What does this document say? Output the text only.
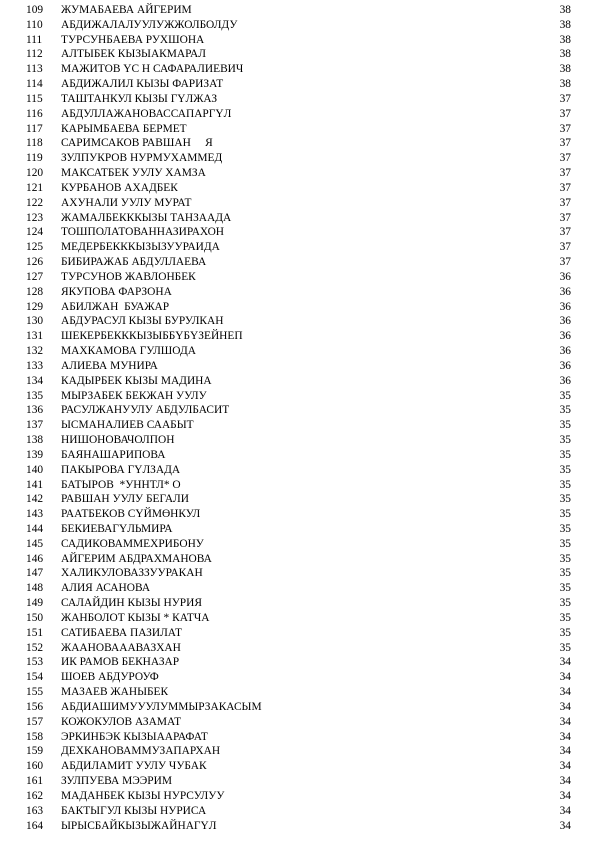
109	ЖУМАБАЕВА АЙГЕРИМ	38
110	АБДИЖАЛАЛУУЛУЖЖОЛБОЛДУ	38
111	ТУРСУНБАЕВА РУХШОНА	38
112	АЛТЫБЕК КЫЗЫАКМАРАЛ	38
113	МАЖИТОВ ҮС Н САФАРАЛИЕВИЧ	38
114	АБДИЖАЛИЛ КЫЗЫ ФАРИЗАТ	38
115	ТАШТАНКУЛ КЫЗЫ ГҮЛЖАЗ	37
116	АБДУЛЛАЖАНОВАССАПАРГҮЛ	37
117	КАРЫМБАЕВА БЕРМЕТ	37
118	САРИМСАКОВ РАВШАН     Я	37
119	ЗУЛПУКРОВ НУРМУХАММЕД	37
120	МАКСАТБЕК УУЛУ ХАМЗА	37
121	КУРБАНОВ АХАДБЕК	37
122	АХУНАЛИ УУЛУ МУРАТ	37
123	ЖАМАЛБЕКККЫЗЫ ТАНЗААДА	37
124	ТОШПОЛАТОВАННАЗИРАХОН	37
125	МЕДЕРБЕКККЫЗЫЗУУРАИДА	37
126	БИБИРАЖАБ АБДУЛЛАЕВА	37
127	ТУРСУНОВ ЖАВЛОНБЕК	36
128	ЯКУПОВА ФАРЗОНА	36
129	АБИЛЖАН  БУАЖАР	36
130	АБДУРАСУЛ КЫЗЫ БУРУЛКАН	36
131	ШЕКЕРБЕКККЫЗЫББҮБҮЗЕЙНЕП	36
132	МАХКАМОВА ГУЛШОДА	36
133	АЛИЕВА МУНИРА	36
134	КАДЫРБЕК КЫЗЫ МАДИНА	36
135	МЫРЗАБЕК БЕКЖАН УУЛУ	35
136	РАСУЛЖАНУУЛУ АБДУЛБАСИТ	35
137	ЫСМАНАЛИЕВ СААБЫТ	35
138	НИШОНОВАЧОЛПОН	35
139	БАЯНАШАРИПОВА	35
140	ПАКЫРОВА ГҮЛЗАДА	35
141	БАТЫРОВ  *УННТЛ* О	35
142	РАВШАН УУЛУ БЕГАЛИ	35
143	РААТБЕКОВ СҮЙМӨНКУЛ	35
144	БЕКИЕВАГҮЛЬМИРА	35
145	САДИКОВАММЕХРИБОНУ	35
146	АЙГЕРИМ АБДРАХМАНОВА	35
147	ХАЛИКУЛОВАЗЗУУРАКАН	35
148	АЛИЯ АСАНОВА	35
149	САЛАЙДИН КЫЗЫ НУРИЯ	35
150	ЖАНБОЛОТ КЫЗЫ * КАТЧА	35
151	САТИБАЕВА ПАЗИЛАТ	35
152	ЖААНОВАААВАЗХАН	35
153	ИК РАМОВ БЕКНАЗАР	34
154	ШОЕВ АБДУРОУФ	34
155	МАЗАЕВ ЖАНЫБЕК	34
156	АБДИАШИМУУУЛУММЫРЗАКАСЫМ	34
157	КОЖОКУЛОВ АЗАМАТ	34
158	ЭРКИНБЭК КЫЗЫААРАФАТ	34
159	ДЕХКАНОВАММУЗАПАРХАН	34
160	АБДИЛАМИТ УУЛУ ЧУБАК	34
161	ЗУЛПУЕВА МЭЭРИМ	34
162	МАДАНБЕК КЫЗЫ НУРСУЛУУ	34
163	БАКТЫГУЛ КЫЗЫ НУРИСА	34
164	ЫРЫСБАЙКЫЗЫЖАЙНАГҮЛ	34
